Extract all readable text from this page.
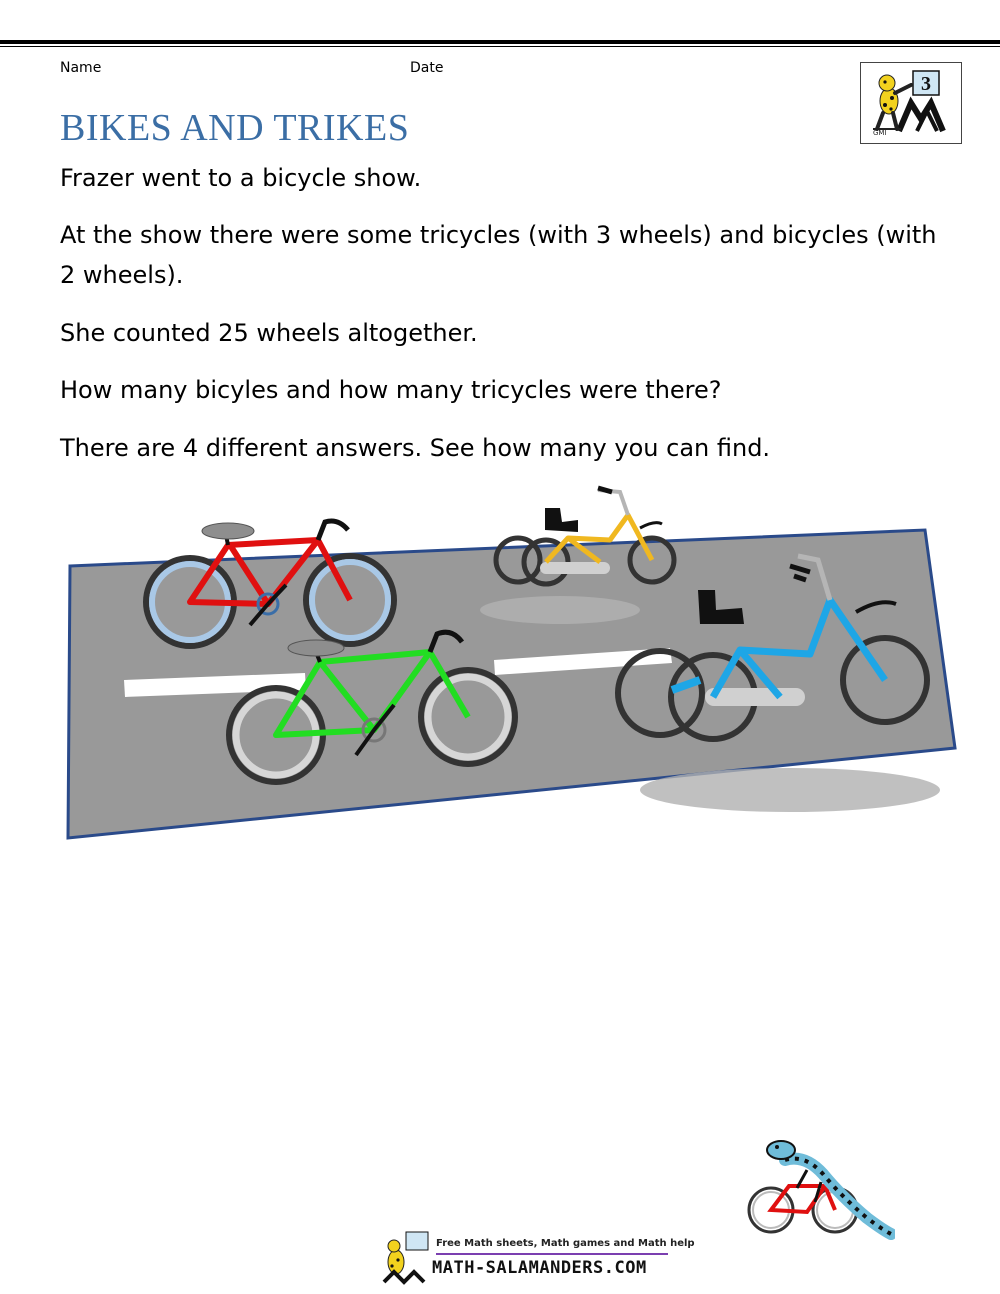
Name	Date
3
GMI
BIKES AND TRIKES

Frazer went to a bicycle show.

At the show there were some tricycles (with 3 wheels) and bicycles (with 2 wheels).

She counted 25 wheels altogether.

How many bicyles and how many tricycles were there?

There are 4 different answers. See how many you can find.

Free Math sheets, Math games and Math help
MATH-SALAMANDERS.COM
